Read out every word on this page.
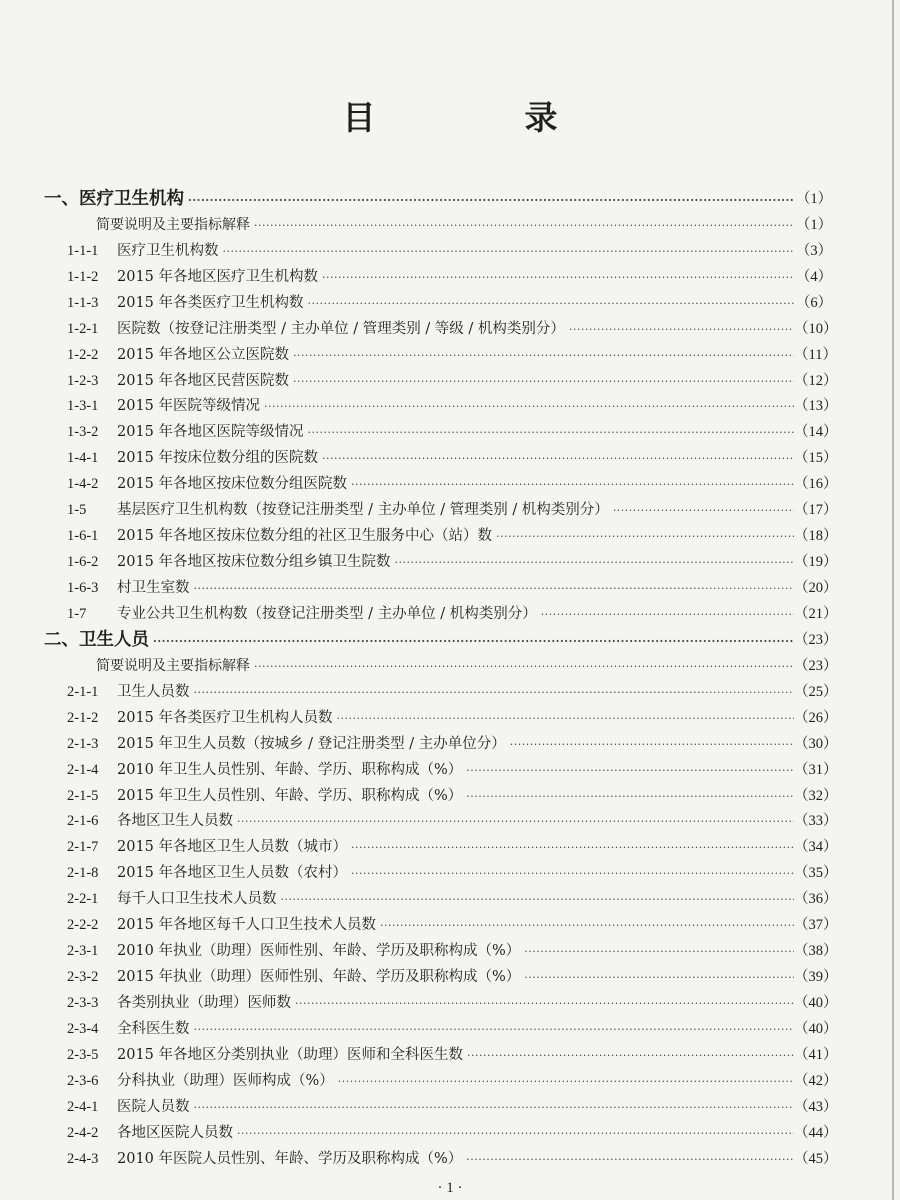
目　录
一、医疗卫生机构 ·····	（1）
简要说明及主要指标解释 ·····	（1）
1-1-1	医疗卫生机构数 ·····	（3）
1-1-2	2015 年各地区医疗卫生机构数 ·····	（4）
1-1-3	2015 年各类医疗卫生机构数 ·····	（6）
1-2-1	医院数（按登记注册类型 / 主办单位 / 管理类别 / 等级 / 机构类别分） ·····	（10）
1-2-2	2015 年各地区公立医院数 ·····	（11）
1-2-3	2015 年各地区民营医院数 ·····	（12）
1-3-1	2015 年医院等级情况 ·····	（13）
1-3-2	2015 年各地区医院等级情况 ·····	（14）
1-4-1	2015 年按床位数分组的医院数 ·····	（15）
1-4-2	2015 年各地区按床位数分组医院数 ·····	（16）
1-5	基层医疗卫生机构数（按登记注册类型 / 主办单位 / 管理类别 / 机构类别分） ·····	（17）
1-6-1	2015 年各地区按床位数分组的社区卫生服务中心（站）数 ·····	（18）
1-6-2	2015 年各地区按床位数分组乡镇卫生院数 ·····	（19）
1-6-3	村卫生室数 ·····	（20）
1-7	专业公共卫生机构数（按登记注册类型 / 主办单位 / 机构类别分） ·····	（21）
二、卫生人员 ·····	（23）
简要说明及主要指标解释 ·····	（23）
2-1-1	卫生人员数 ·····	（25）
2-1-2	2015 年各类医疗卫生机构人员数 ·····	（26）
2-1-3	2015 年卫生人员数（按城乡 / 登记注册类型 / 主办单位分） ·····	（30）
2-1-4	2010 年卫生人员性别、年龄、学历、职称构成（%） ·····	（31）
2-1-5	2015 年卫生人员性别、年龄、学历、职称构成（%） ·····	（32）
2-1-6	各地区卫生人员数 ·····	（33）
2-1-7	2015 年各地区卫生人员数（城市） ·····	（34）
2-1-8	2015 年各地区卫生人员数（农村） ·····	（35）
2-2-1	每千人口卫生技术人员数 ·····	（36）
2-2-2	2015 年各地区每千人口卫生技术人员数 ·····	（37）
2-3-1	2010 年执业（助理）医师性别、年龄、学历及职称构成（%） ·····	（38）
2-3-2	2015 年执业（助理）医师性别、年龄、学历及职称构成（%） ·····	（39）
2-3-3	各类别执业（助理）医师数 ·····	（40）
2-3-4	全科医生数 ·····	（40）
2-3-5	2015 年各地区分类别执业（助理）医师和全科医生数 ·····	（41）
2-3-6	分科执业（助理）医师构成（%） ·····	（42）
2-4-1	医院人员数 ·····	（43）
2-4-2	各地区医院人员数 ·····	（44）
2-4-3	2010 年医院人员性别、年龄、学历及职称构成（%） ·····	（45）
· 1 ·
